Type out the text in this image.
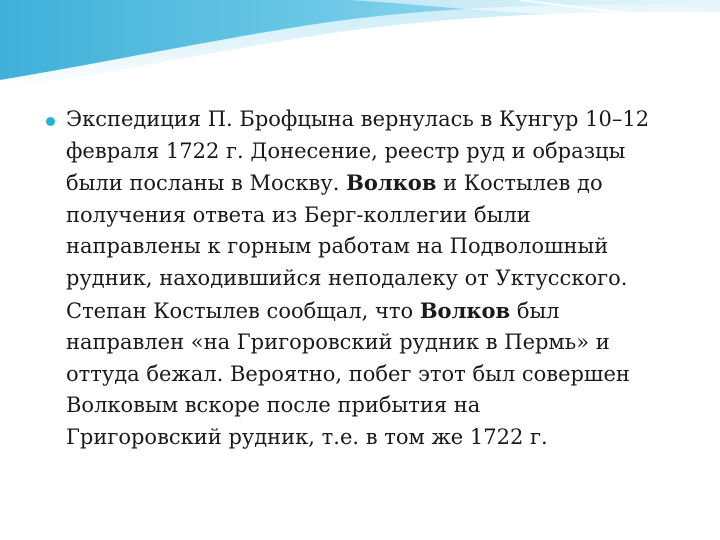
Экспедиция П. Брофцына вернулась в Кунгур 10–12
февраля 1722 г. Донесение, реестр руд и образцы
были посланы в Москву. Волков и Костылев до
получения ответа из Берг-коллегии были
направлены к горным работам на Подволошный
рудник, находившийся неподалеку от Уктусского.
Степан Костылев сообщал, что Волков был
направлен «на Григоровский рудник в Пермь» и
оттуда бежал. Вероятно, побег этот был совершен
Волковым вскоре после прибытия на
Григоровский рудник, т.е. в том же 1722 г.
